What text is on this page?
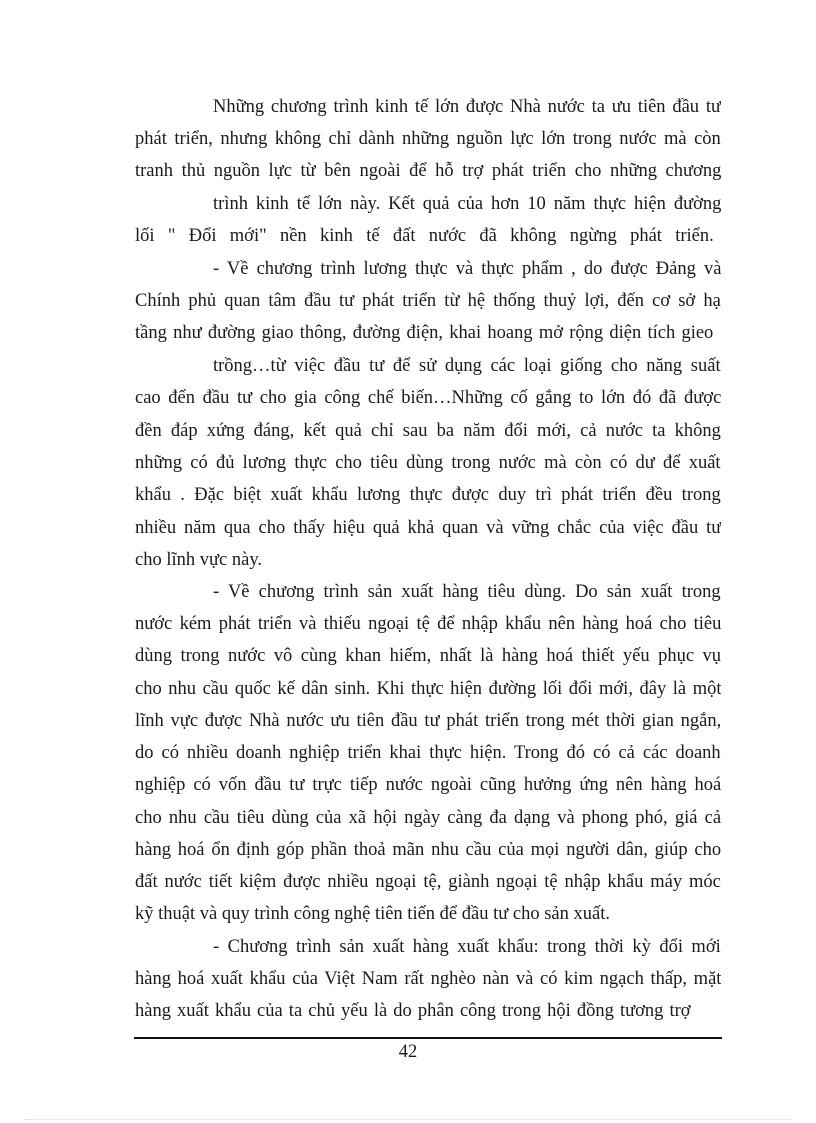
Những chương trình kinh tế lớn được Nhà nước ta ưu tiên đầu tư
phát triển, nhưng không chỉ dành những nguồn lực lớn trong nước mà còn
tranh thủ nguồn lực từ bên ngoài để hỗ trợ phát triển cho những chương
trình kinh tế lớn này. Kết quả của hơn 10 năm thực hiện đường
lối " Đổi mới" nền kinh tế đất nước đã không ngừng phát triển.
- Về chương trình lương thực và thực phẩm , do được Đảng và
Chính phủ quan tâm đầu tư phát triển từ hệ thống thuỷ lợi, đến cơ sở hạ
tầng như đường giao thông, đường điện, khai hoang mở rộng diện tích gieo
trồng…từ việc đầu tư để sử dụng các loại giống cho năng suất
cao đến đầu tư cho gia công chế biến…Những cố gắng to lớn đó đã được
đền đáp xứng đáng, kết quả chỉ sau ba năm đổi mới, cả nước ta không
những có đủ lương thực cho tiêu dùng trong nước mà còn có dư để xuất
khẩu . Đặc biệt xuất khẩu lương thực được duy trì phát triển đều trong
nhiều năm qua cho thấy hiệu quả khả quan và vững chắc của việc đầu tư
cho lĩnh vực này.
- Về chương trình sản xuất hàng tiêu dùng. Do sản xuất trong
nước kém phát triển và thiếu ngoại tệ để nhập khẩu nên hàng hoá cho tiêu
dùng trong nước vô cùng khan hiếm, nhất là hàng hoá thiết yếu phục vụ
cho nhu cầu quốc kế dân sinh. Khi thực hiện đường lối đổi mới, đây là một
lĩnh vực được Nhà nước ưu tiên đầu tư phát triển trong mét thời gian ngắn,
do có nhiều doanh nghiệp triển khai thực hiện. Trong đó có cả các doanh
nghiệp có vốn đầu tư trực tiếp nước ngoài cũng hưởng ứng nên hàng hoá
cho nhu cầu tiêu dùng của xã hội ngày càng đa dạng và phong phó, giá cả
hàng hoá ổn định góp phần thoả mãn nhu cầu của mọi người dân, giúp cho
đất nước tiết kiệm được nhiều ngoại tệ, giành ngoại tệ nhập khẩu máy móc
kỹ thuật và quy trình công nghệ tiên tiến để đầu tư cho sản xuất.
- Chương trình sản xuất hàng xuất khẩu: trong thời kỳ đổi mới
hàng hoá xuất khẩu của Việt Nam rất nghèo nàn và có kim ngạch thấp, mặt
hàng xuất khẩu của ta chủ yếu là do phân công trong hội đồng tương trợ
42
